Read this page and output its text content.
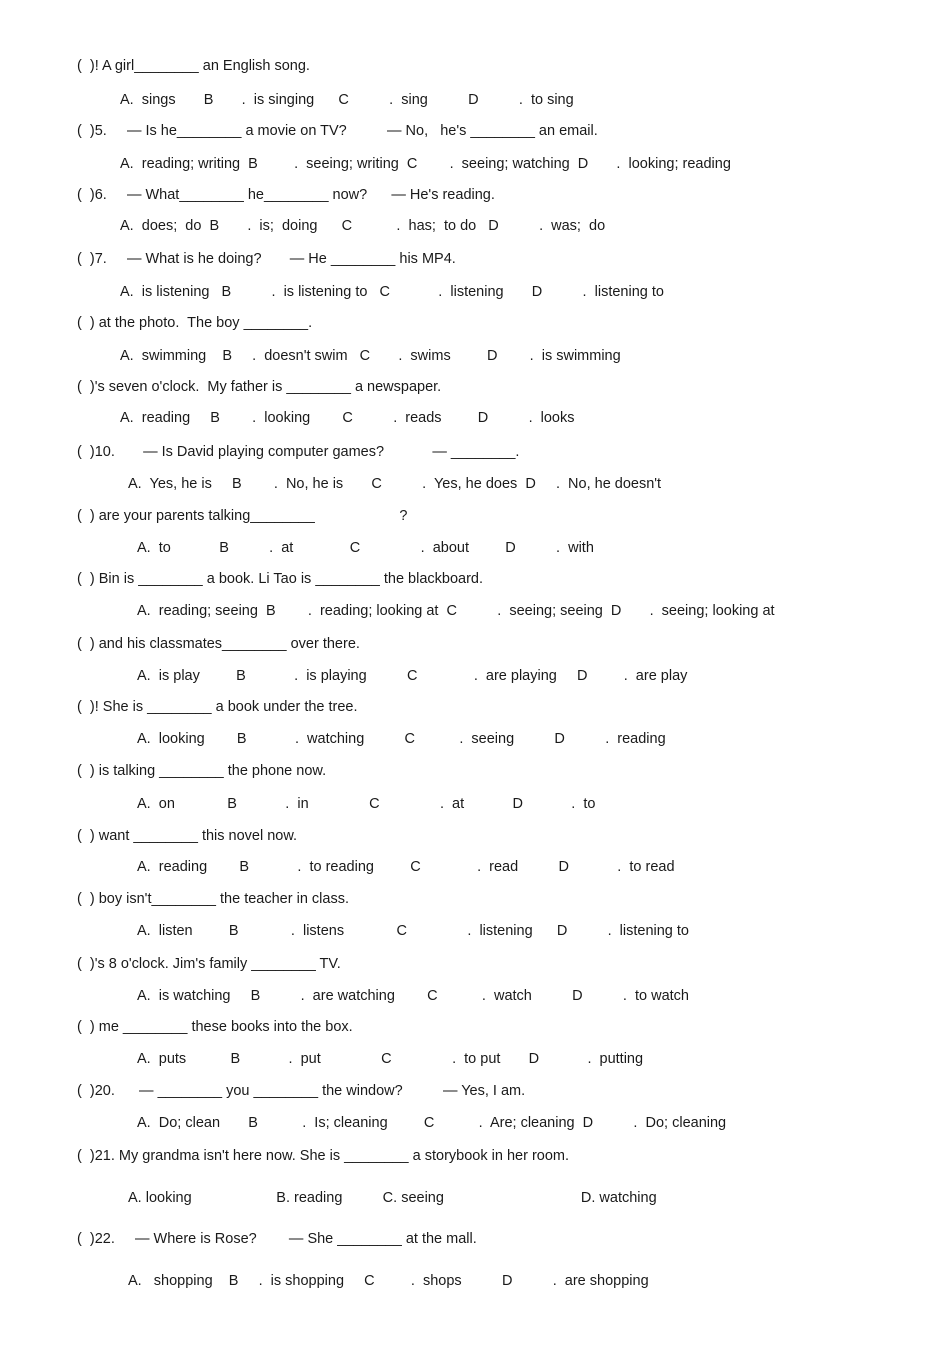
(  )! A girl________ an English song.
A.  sings       B       .  is singing      C          .  sing          D          .  to sing
(  )5.     — Is he________ a movie on TV?          — No,   he's ________ an email.
A.  reading; writing  B         .  seeing; writing  C        .  seeing; watching  D       .  looking; reading
(  )6.     — What________ he________ now?      — He's reading.
A.  does;  do  B       .  is;  doing      C           .  has;  to do   D          .  was;  do
(  )7.     — What is he doing?       — He ________ his MP4.
A.  is listening   B          .  is listening to   C            .  listening       D          .  listening to
(  ) at the photo.  The boy ________.
A.  swimming    B     .  doesn't swim   C       .  swims         D        .  is swimming
(  )'s seven o'clock.  My father is ________ a newspaper.
A.  reading     B        .  looking        C          .  reads         D          .  looks
(  )10.       — Is David playing computer games?            — ________.
A.  Yes, he is     B        .  No, he is       C          .  Yes, he does  D     .  No, he doesn't
(  ) are your parents talking________                     ?
A.  to            B          .  at              C               .  about         D          .  with
(  ) Bin is ________ a book. Li Tao is ________ the blackboard.
A.  reading; seeing  B        .  reading; looking at  C          .  seeing; seeing  D       .  seeing; looking at
(  ) and his classmates________ over there.
A.  is play         B            .  is playing          C              .  are playing     D         .  are play
(  )! She is ________ a book under the tree.
A.  looking        B            .  watching          C           .  seeing          D          .  reading
(  ) is talking ________ the phone now.
A.  on             B            .  in               C               .  at            D            .  to
(  ) want ________ this novel now.
A.  reading        B            .  to reading         C              .  read          D            .  to read
(  ) boy isn't________ the teacher in class.
A.  listen         B             .  listens             C               .  listening      D          .  listening to
(  )'s 8 o'clock. Jim's family ________ TV.
A.  is watching     B          .  are watching        C           .  watch          D          .  to watch
(  ) me ________ these books into the box.
A.  puts           B            .  put               C               .  to put       D            .  putting
(  )20.      — ________ you ________ the window?          — Yes, I am.
A.  Do; clean       B           .  Is; cleaning         C           .  Are; cleaning  D          .  Do; cleaning
(  )21. My grandma isn't here now. She is ________ a storybook in her room.
A. looking                     B. reading          C. seeing                                  D. watching
(  )22.     — Where is Rose?        — She ________ at the mall.
A.   shopping    B     .  is shopping     C         .  shops          D          .  are shopping
